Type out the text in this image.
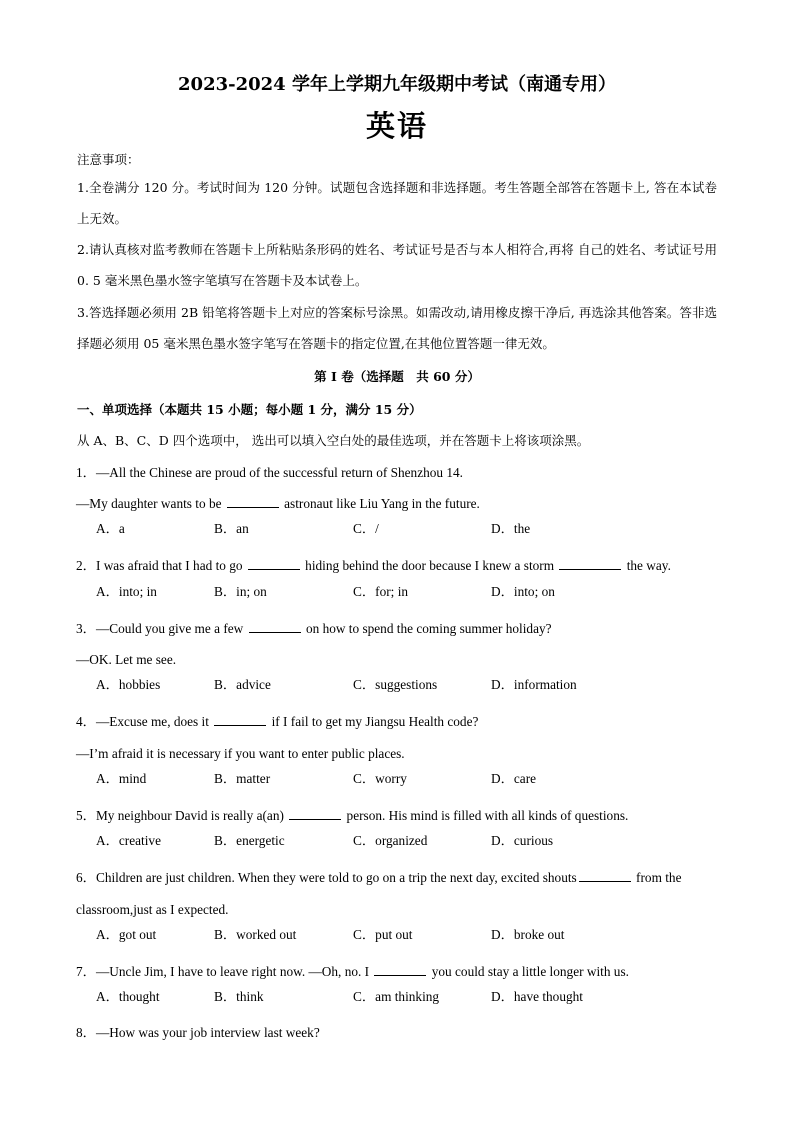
2023-2024 学年上学期九年级期中考试（南通专用）
英语
注意事项：
1.全卷满分 120 分。考试时间为 120 分钟。试题包含选择题和非选择题。考生答题全部答在答题卡上, 答在本试卷上无效。
2.请认真核对监考教师在答题卡上所粘贴条形码的姓名、考试证号是否与本人相符合,再将 自己的姓名、考试证号用 0. 5 毫米黑色墨水签字笔填写在答题卡及本试卷上。
3.答选择题必须用 2B 铅笔将答题卡上对应的答案标号涂黑。如需改动,请用橡皮擦干净后, 再选涂其他答案。答非选择题必须用 05 毫米黑色墨水签字笔写在答题卡的指定位置,在其他位置答题一律无效。
第 I 卷（选择题　共 60 分）
一、单项选择（本题共 15 小题；每小题 1 分，满分 15 分）
从 A、B、C、D 四个选项中， 选出可以填入空白处的最佳选项，并在答题卡上将该项涂黑。
1．—All the Chinese are proud of the successful return of Shenzhou 14.
—My daughter wants to be	astronaut like Liu Yang in the future.
A．a	B．an	C．/	D．the
2．I was afraid that I had to go	hiding behind the door because I knew a storm	the way.
A．into; in	B．in; on	C．for; in	D．into; on
3．—Could you give me a few	on how to spend the coming summer holiday?
—OK. Let me see.
A．hobbies	B．advice	C．suggestions	D．information
4．—Excuse me, does it	if I fail to get my Jiangsu Health code?
—I’m afraid it is necessary if you want to enter public places.
A．mind	B．matter	C．worry	D．care
5．My neighbour David is really a(an)	person. His mind is filled with all kinds of questions.
A．creative	B．energetic	C．organized	D．curious
6．Children are just children. When they were told to go on a trip the next day, excited shouts	from the
classroom,just as I expected.
A．got out	B．worked out	C．put out	D．broke out
7．—Uncle Jim, I have to leave right now. —Oh, no. I	you could stay a little longer with us.
A．thought	B．think	C．am thinking	D．have thought
8．—How was your job interview last week?
